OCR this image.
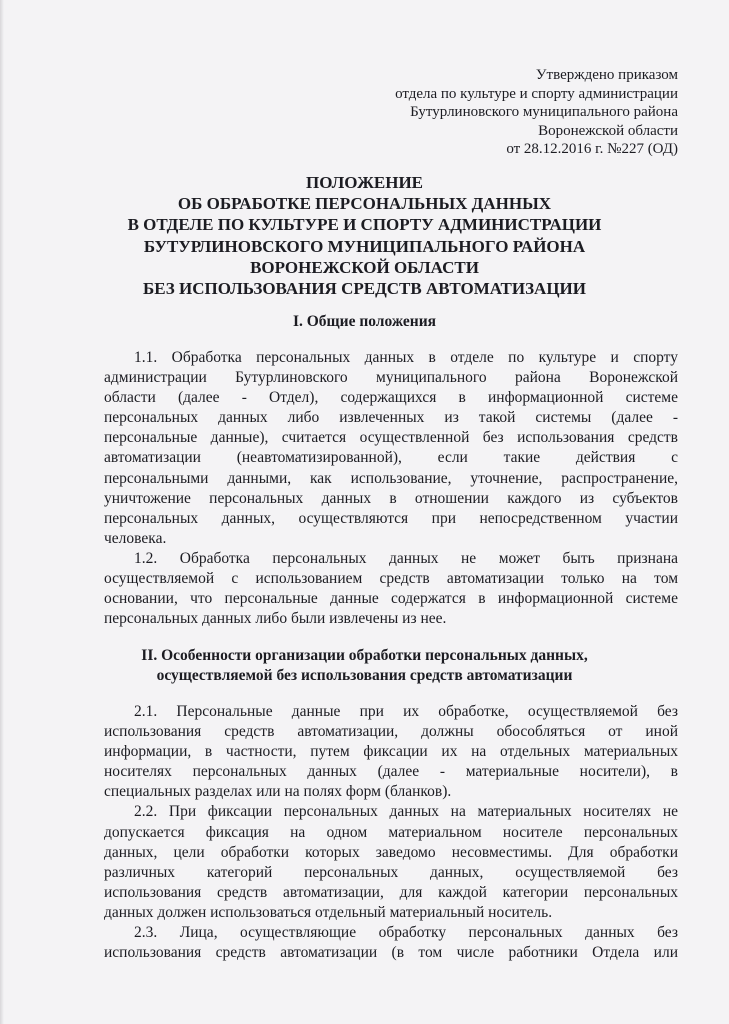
Утверждено приказом
отдела по культуре и спорту администрации
Бутурлиновского муниципального района
Воронежской области
от 28.12.2016 г. №227 (ОД)
ПОЛОЖЕНИЕ
ОБ ОБРАБОТКЕ ПЕРСОНАЛЬНЫХ ДАННЫХ
В ОТДЕЛЕ ПО КУЛЬТУРЕ И СПОРТУ АДМИНИСТРАЦИИ
БУТУРЛИНОВСКОГО МУНИЦИПАЛЬНОГО РАЙОНА
ВОРОНЕЖСКОЙ ОБЛАСТИ
БЕЗ ИСПОЛЬЗОВАНИЯ СРЕДСТВ АВТОМАТИЗАЦИИ
I. Общие положения
1.1. Обработка персональных данных в отделе по культуре и спорту
администрации Бутурлиновского муниципального района Воронежской
области (далее - Отдел), содержащихся в информационной системе
персональных данных либо извлеченных из такой системы (далее -
персональные данные), считается осуществленной без использования средств
автоматизации (неавтоматизированной), если такие действия с
персональными данными, как использование, уточнение, распространение,
уничтожение персональных данных в отношении каждого из субъектов
персональных данных, осуществляются при непосредственном участии
человека.
1.2. Обработка персональных данных не может быть признана
осуществляемой с использованием средств автоматизации только на том
основании, что персональные данные содержатся в информационной системе
персональных данных либо были извлечены из нее.
II. Особенности организации обработки персональных данных,
осуществляемой без использования средств автоматизации
2.1. Персональные данные при их обработке, осуществляемой без
использования средств автоматизации, должны обособляться от иной
информации, в частности, путем фиксации их на отдельных материальных
носителях персональных данных (далее - материальные носители), в
специальных разделах или на полях форм (бланков).
2.2. При фиксации персональных данных на материальных носителях не
допускается фиксация на одном материальном носителе персональных
данных, цели обработки которых заведомо несовместимы. Для обработки
различных категорий персональных данных, осуществляемой без
использования средств автоматизации, для каждой категории персональных
данных должен использоваться отдельный материальный носитель.
2.3. Лица, осуществляющие обработку персональных данных без
использования средств автоматизации (в том числе работники Отдела или
